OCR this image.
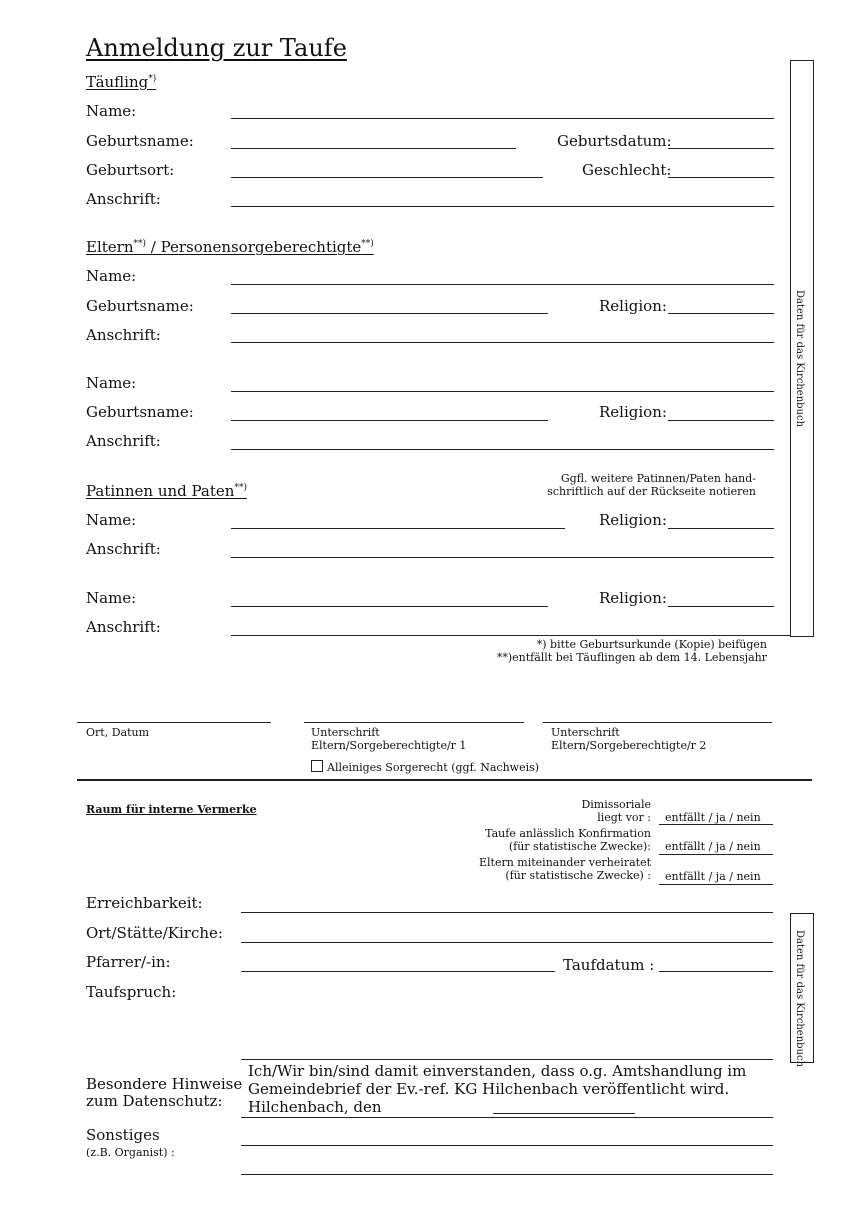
Anmeldung zur Taufe
Daten für das Kirchenbuch
Daten für das Kirchenbuch
Täufling*)
Name:
Geburtsname:	Geburtsdatum:
Geburtsort:	Geschlecht:
Anschrift:
Eltern**) / Personensorgeberechtigte**)
Name:
Geburtsname:	Religion:
Anschrift:
Name:
Geburtsname:	Religion:
Anschrift:
Ggfl. weitere Patinnen/Paten hand-
schriftlich auf der Rückseite notieren
Patinnen und Paten**)
Name:	Religion:
Anschrift:
Name:	Religion:
Anschrift:
*) bitte Geburtsurkunde (Kopie) beifügen
**)entfällt bei Täuflingen ab dem 14. Lebensjahr
Ort, Datum	Unterschrift
Eltern/Sorgeberechtigte/r 1
Unterschrift
Eltern/Sorgeberechtigte/r 2
Alleiniges Sorgerecht (ggf. Nachweis)
Raum für interne Vermerke	Dimissoriale
liegt vor : entfällt / ja / nein
Taufe anlässlich Konfirmation
(für statistische Zwecke): entfällt / ja / nein
Eltern miteinander verheiratet
(für statistische Zwecke) : entfällt / ja / nein
Erreichbarkeit:
Ort/Stätte/Kirche:
Pfarrer/-in:	Taufdatum :
Taufspruch:
Ich/Wir bin/sind damit einverstanden, dass o.g. Amtshandlung im
Gemeindebrief der Ev.-ref. KG Hilchenbach veröffentlicht wird.
Hilchenbach, den
Besondere Hinweise
zum Datenschutz:
Sonstiges
(z.B. Organist) :
